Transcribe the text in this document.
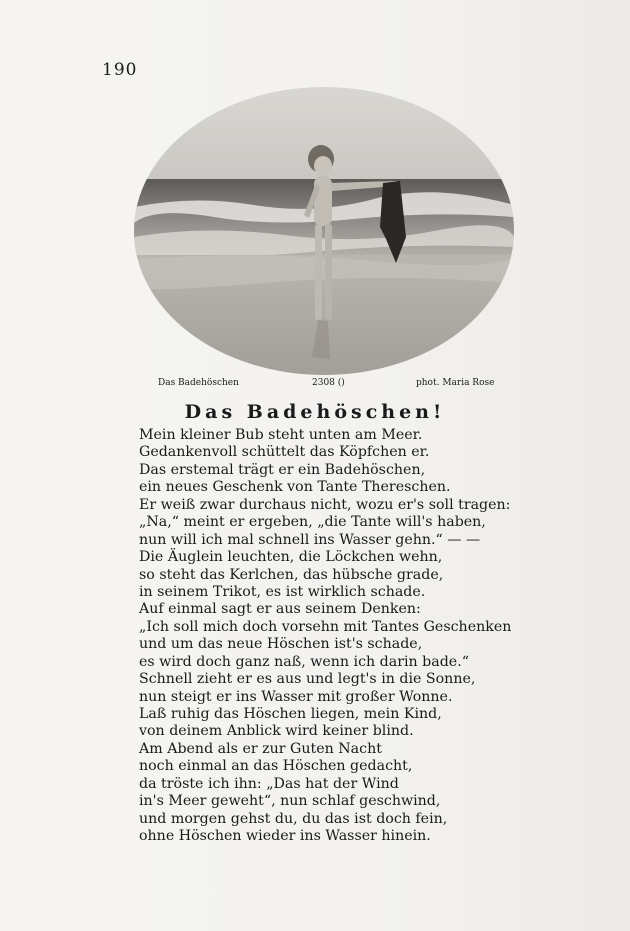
190
Das Badehöschen	2308 ()	phot. Maria Rose
Das Badehöschen!
Mein kleiner Bub steht unten am Meer.
Gedankenvoll schüttelt das Köpfchen er.
Das erstemal trägt er ein Badehöschen,
ein neues Geschenk von Tante Thereschen.
Er weiß zwar durchaus nicht, wozu er's soll tragen:
„Na,“ meint er ergeben, „die Tante will's haben,
nun will ich mal schnell ins Wasser gehn.“ — —
Die Äuglein leuchten, die Löckchen wehn,
so steht das Kerlchen, das hübsche grade,
in seinem Trikot, es ist wirklich schade.
Auf einmal sagt er aus seinem Denken:
„Ich soll mich doch vorsehn mit Tantes Geschenken
und um das neue Höschen ist's schade,
es wird doch ganz naß, wenn ich darin bade.“
Schnell zieht er es aus und legt's in die Sonne,
nun steigt er ins Wasser mit großer Wonne.
Laß ruhig das Höschen liegen, mein Kind,
von deinem Anblick wird keiner blind.
Am Abend als er zur Guten Nacht
noch einmal an das Höschen gedacht,
da tröste ich ihn: „Das hat der Wind
in's Meer geweht“, nun schlaf geschwind,
und morgen gehst du, du das ist doch fein,
ohne Höschen wieder ins Wasser hinein.
